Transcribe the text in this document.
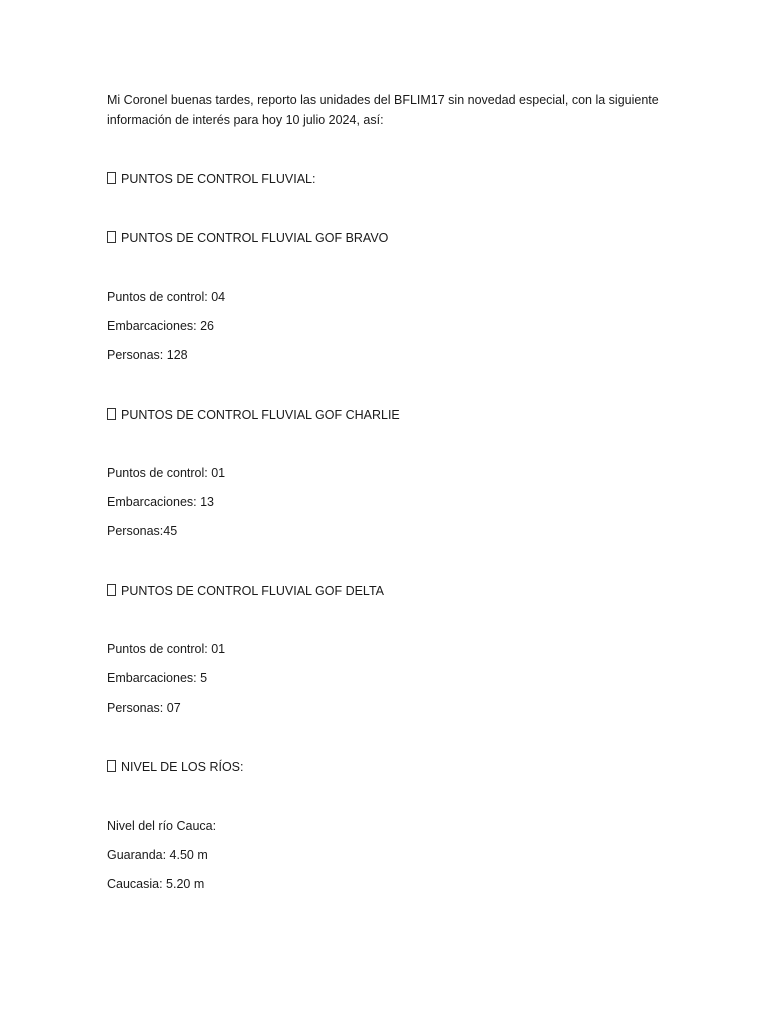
Mi Coronel buenas tardes, reporto las unidades del BFLIM17 sin novedad especial, con la siguiente
información de interés para hoy 10 julio 2024, así:
PUNTOS DE CONTROL FLUVIAL:
PUNTOS DE CONTROL FLUVIAL GOF BRAVO
Puntos de control: 04
Embarcaciones: 26
Personas: 128
PUNTOS DE CONTROL FLUVIAL GOF CHARLIE
Puntos de control: 01
Embarcaciones: 13
Personas:45
PUNTOS DE CONTROL FLUVIAL GOF DELTA
Puntos de control: 01
Embarcaciones: 5
Personas: 07
NIVEL DE LOS RÍOS:
Nivel del río Cauca:
Guaranda: 4.50 m
Caucasia: 5.20 m
